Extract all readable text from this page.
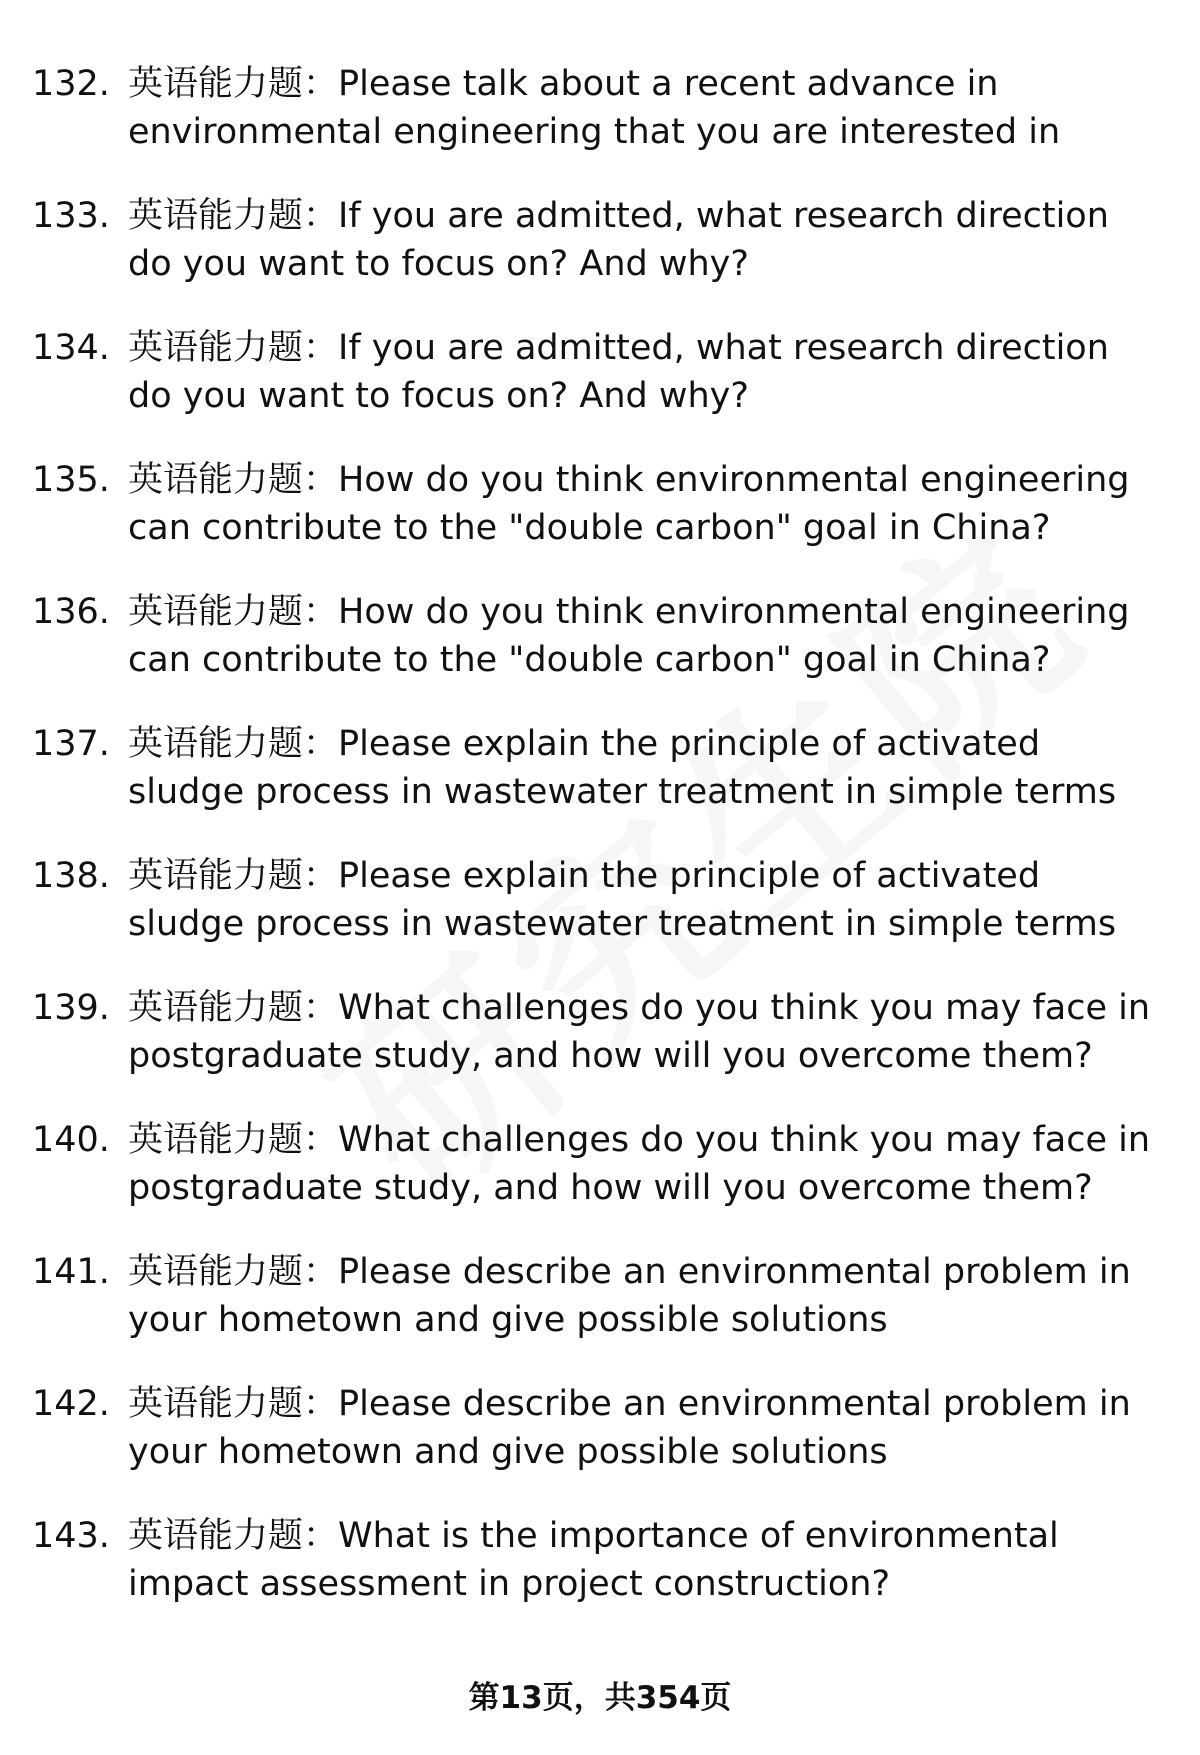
132. 英语能力题：Please talk about a recent advance in environmental engineering that you are interested in
133. 英语能力题：If you are admitted, what research direction do you want to focus on? And why?
134. 英语能力题：If you are admitted, what research direction do you want to focus on? And why?
135. 英语能力题：How do you think environmental engineering can contribute to the "double carbon" goal in China?
136. 英语能力题：How do you think environmental engineering can contribute to the "double carbon" goal in China?
137. 英语能力题：Please explain the principle of activated sludge process in wastewater treatment in simple terms
138. 英语能力题：Please explain the principle of activated sludge process in wastewater treatment in simple terms
139. 英语能力题：What challenges do you think you may face in postgraduate study, and how will you overcome them?
140. 英语能力题：What challenges do you think you may face in postgraduate study, and how will you overcome them?
141. 英语能力题：Please describe an environmental problem in your hometown and give possible solutions
142. 英语能力题：Please describe an environmental problem in your hometown and give possible solutions
143. 英语能力题：What is the importance of environmental impact assessment in project construction?
第13页，共354页
